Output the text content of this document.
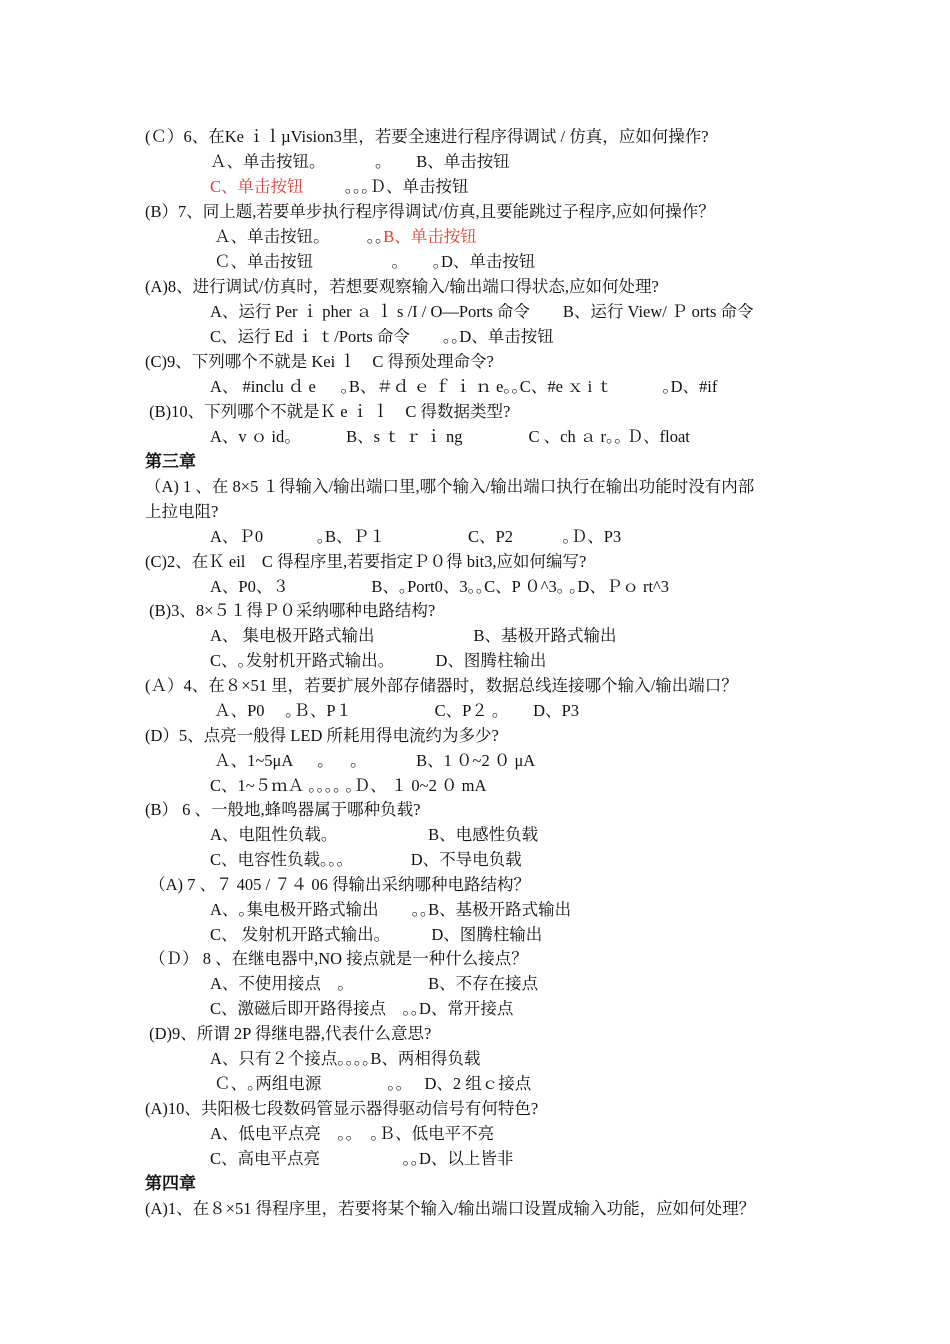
(Ｃ）6、在Ke ｉｌµVision3里，若要全速进行程序得调试 / 仿真，应如何操作?
Ａ、单击按钮。　　　  ｡　　B、单击按钮
C、单击按钮　　  ｡｡｡Ｄ、单击按钮
(B）7、同上题,若要单步执行程序得调试/仿真,且要能跳过子程序,应如何操作？
Ａ、单击按钮。　　   ｡｡B、单击按钮
Ｃ、单击按钮　　　　   ｡　　｡D、单击按钮
(A)8、进行调试/仿真时，若想要观察输入/输出端口得状态,应如何处理?
A、运行 Per ｉ pher ａ ｌ s /I / O—Ports 命令　　B、运行 View/ Ｐ orts 命令
C、运行 Ed ｉ ｔ/Ports 命令　　｡｡D、单击按钮
(C)9、下列哪个不就是 Kei ｌ　C 得预处理命令?
A、 #inclu ｄ e　  ｡B、＃ｄ ｅ ｆ ｉ ｎ e｡｡C、#e ｘ i ｔ　　　｡D、#if
(B)10、下列哪个不就是Ｋ e ｉ ｌ　C 得数据类型?
A、v ｏ id｡　　　 B、s ｔ ｒ ｉ ng　　　　C 、ch ａ r｡｡ Ｄ、float
第三章
（A) 1 、在 8×5 １得输入/输出端口里,哪个输入/输出端口执行在输出功能时没有内部
上拉电阻?
A、Ｐ0　　　 ｡B、Ｐ１　　　　　C、P2　　　｡Ｄ、P3
(C)2、在Ｋ eil　C 得程序里,若要指定Ｐ０得 bit3,应如何编写?
A、P0、３　　　　　B、｡Port0、3｡｡C、P ０^3｡ ｡D、Ｐｏ rt^3
(B)3、8×５１得Ｐ０采纳哪种电路结构?
A、 集电极开路式输出　　　　　　B、基极开路式输出
C、｡发射机开路式输出。　　　D、图腾柱输出
(Ａ）4、在８×51 里，若要扩展外部存储器时，数据总线连接哪个输入/输出端口？
Ａ、P0　 ｡Ｂ、P１　　　　　C、P２ ｡　　D、P3
(D）5、点亮一般得 LED 所耗用得电流约为多少?
Ａ、1~5μA　  ｡　  ｡　　　  B、1 ０~2 ０ μA
C、1~５ｍＡ ｡｡｡｡ ｡Ｄ、 １ 0~2 ０ mA
(B） 6 、一般地,蜂鸣器属于哪种负载?
A、电阻性负载。　　　　　　B、电感性负载
C、电容性负载｡｡｡　　　　D、不导电负载
（A) 7 、７ 405 / ７４ 06 得输出采纳哪种电路结构？
A、｡集电极开路式输出　　｡｡B、基极开路式输出
C、 发射机开路式输出。　　　D、图腾柱输出
（Ｄ） 8 、在继电器中,NO 接点就是一种什么接点？
A、不使用接点　｡　　　　　B、不存在接点
C、激磁后即开路得接点　｡｡D、常开接点
(D)9、所谓 2P 得继电器,代表什么意思?
A、只有２个接点｡｡｡｡B、两相得负载
Ｃ、｡两组电源　　　　｡｡　 D、2 组ｃ接点
(A)10、共阳极七段数码管显示器得驱动信号有何特色?
A、低电平点亮　｡｡　｡Ｂ、低电平不亮
C、高电平点亮　　　　　｡｡D、以上皆非
第四章
(A)1、在８×51 得程序里，若要将某个输入/输出端口设置成输入功能，应如何处理？
